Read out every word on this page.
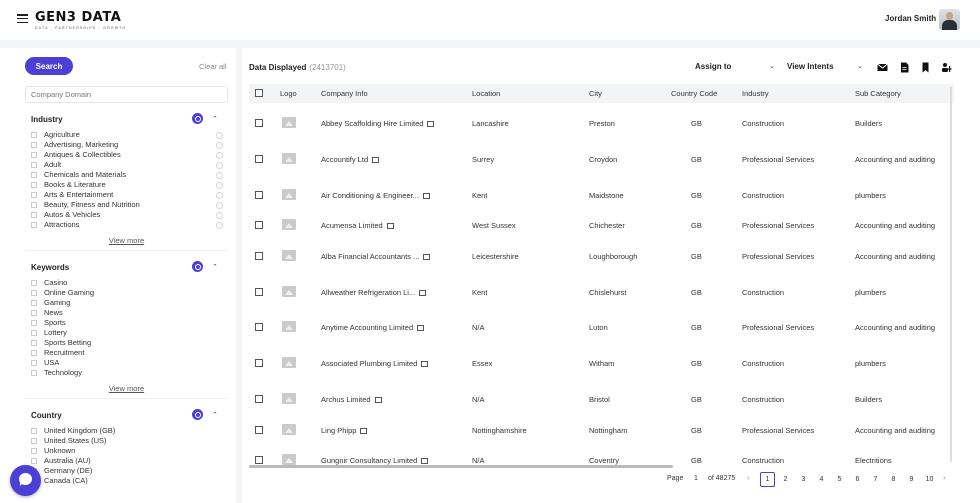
GEN3 DATA
DATA · PARTNERSHIPS · GROWTH
Jordan Smith
Search	Clear all
Company Domain
Industry	⌃
Agriculture
Advertising, Marketing
Antiques & Collectibles
Adult
Chemicals and Materials
Books & Literature
Arts & Entertainment
Beauty, Fitness and Nutrition
Autos & Vehicles
Attractions
View more
Keywords	⌃
Casino
Online Gaming
Gaming
News
Sports
Lottery
Sports Betting
Recruitment
USA
Technology
View more
Country	⌃
United Kingdom (GB)
United States (US)
Unknown
Australia (AU)
Germany (DE)
Canada (CA)
Data Displayed (2413701)	Assign to	⌄ View Intents	⌄
Logo	Company Info	Location	City	Country Code	Industry	Sub Category
Abbey Scaffolding Hire Limited	Lancashire	Preston	GB	Construction	Builders
Accountify Ltd	Surrey	Croydon	GB	Professional Services	Accounting and auditing
Air Conditioning & Engineer...	Kent	Maidstone	GB	Construction	plumbers
Acumensa Limited	West Sussex	Chichester	GB	Professional Services	Accounting and auditing
Alba Financial Accountants ...	Leicestershire	Loughborough	GB	Professional Services	Accounting and auditing
Allweather Refrigeration Li...	Kent	Chislehurst	GB	Construction	plumbers
Anytime Accounting Limited	N/A	Luton	GB	Professional Services	Accounting and auditing
Associated Plumbing Limited	Essex	Witham	GB	Construction	plumbers
Archus Limited	N/A	Bristol	GB	Construction	Builders
Ling Phipp	Nottinghamshire	Nottingham	GB	Professional Services	Accounting and auditing
Gungnir Consultancy Limited	N/A	Coventry	GB	Construction	Electritions
Page 1 of 48275 ‹	1	2	3	4	5	6	7	8	9	10	›
